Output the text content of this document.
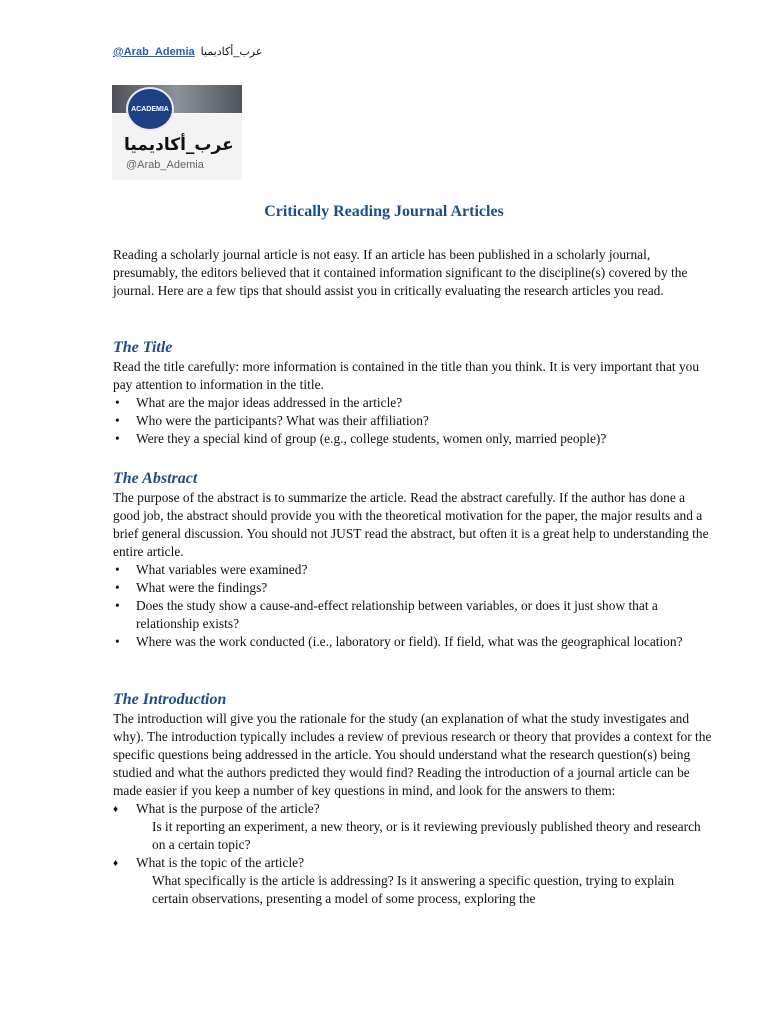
@Arab_Ademia عرب_أكاديميا
ACADEMIA
عرب_أكاديميا
@Arab_Ademia
Critically Reading Journal Articles

Reading a scholarly journal article is not easy. If an article has been published in a scholarly journal, presumably, the editors believed that it contained information significant to the discipline(s) covered by the journal. Here are a few tips that should assist you in critically evaluating the research articles you read.

The Title

Read the title carefully: more information is contained in the title than you think. It is very important that you pay attention to information in the title.

• What are the major ideas addressed in the article?
• Who were the participants? What was their affiliation?
• Were they a special kind of group (e.g., college students, women only, married people)?
The Abstract

The purpose of the abstract is to summarize the article. Read the abstract carefully. If the author has done a good job, the abstract should provide you with the theoretical motivation for the paper, the major results and a brief general discussion. You should not JUST read the abstract, but often it is a great help to understanding the entire article.

• What variables were examined?
• What were the findings?
• Does the study show a cause-and-effect relationship between variables, or does it just show that a relationship exists?
• Where was the work conducted (i.e., laboratory or field). If field, what was the geographical location?
The Introduction

The introduction will give you the rationale for the study (an explanation of what the study investigates and why). The introduction typically includes a review of previous research or theory that provides a context for the specific questions being addressed in the article. You should understand what the research question(s) being studied and what the authors predicted they would find? Reading the introduction of a journal article can be made easier if you keep a number of key questions in mind, and look for the answers to them:

♦ What is the purpose of the article?
Is it reporting an experiment, a new theory, or is it reviewing previously published theory and research on a certain topic?
♦ What is the topic of the article?
What specifically is the article is addressing? Is it answering a specific question, trying to explain certain observations, presenting a model of some process, exploring the
